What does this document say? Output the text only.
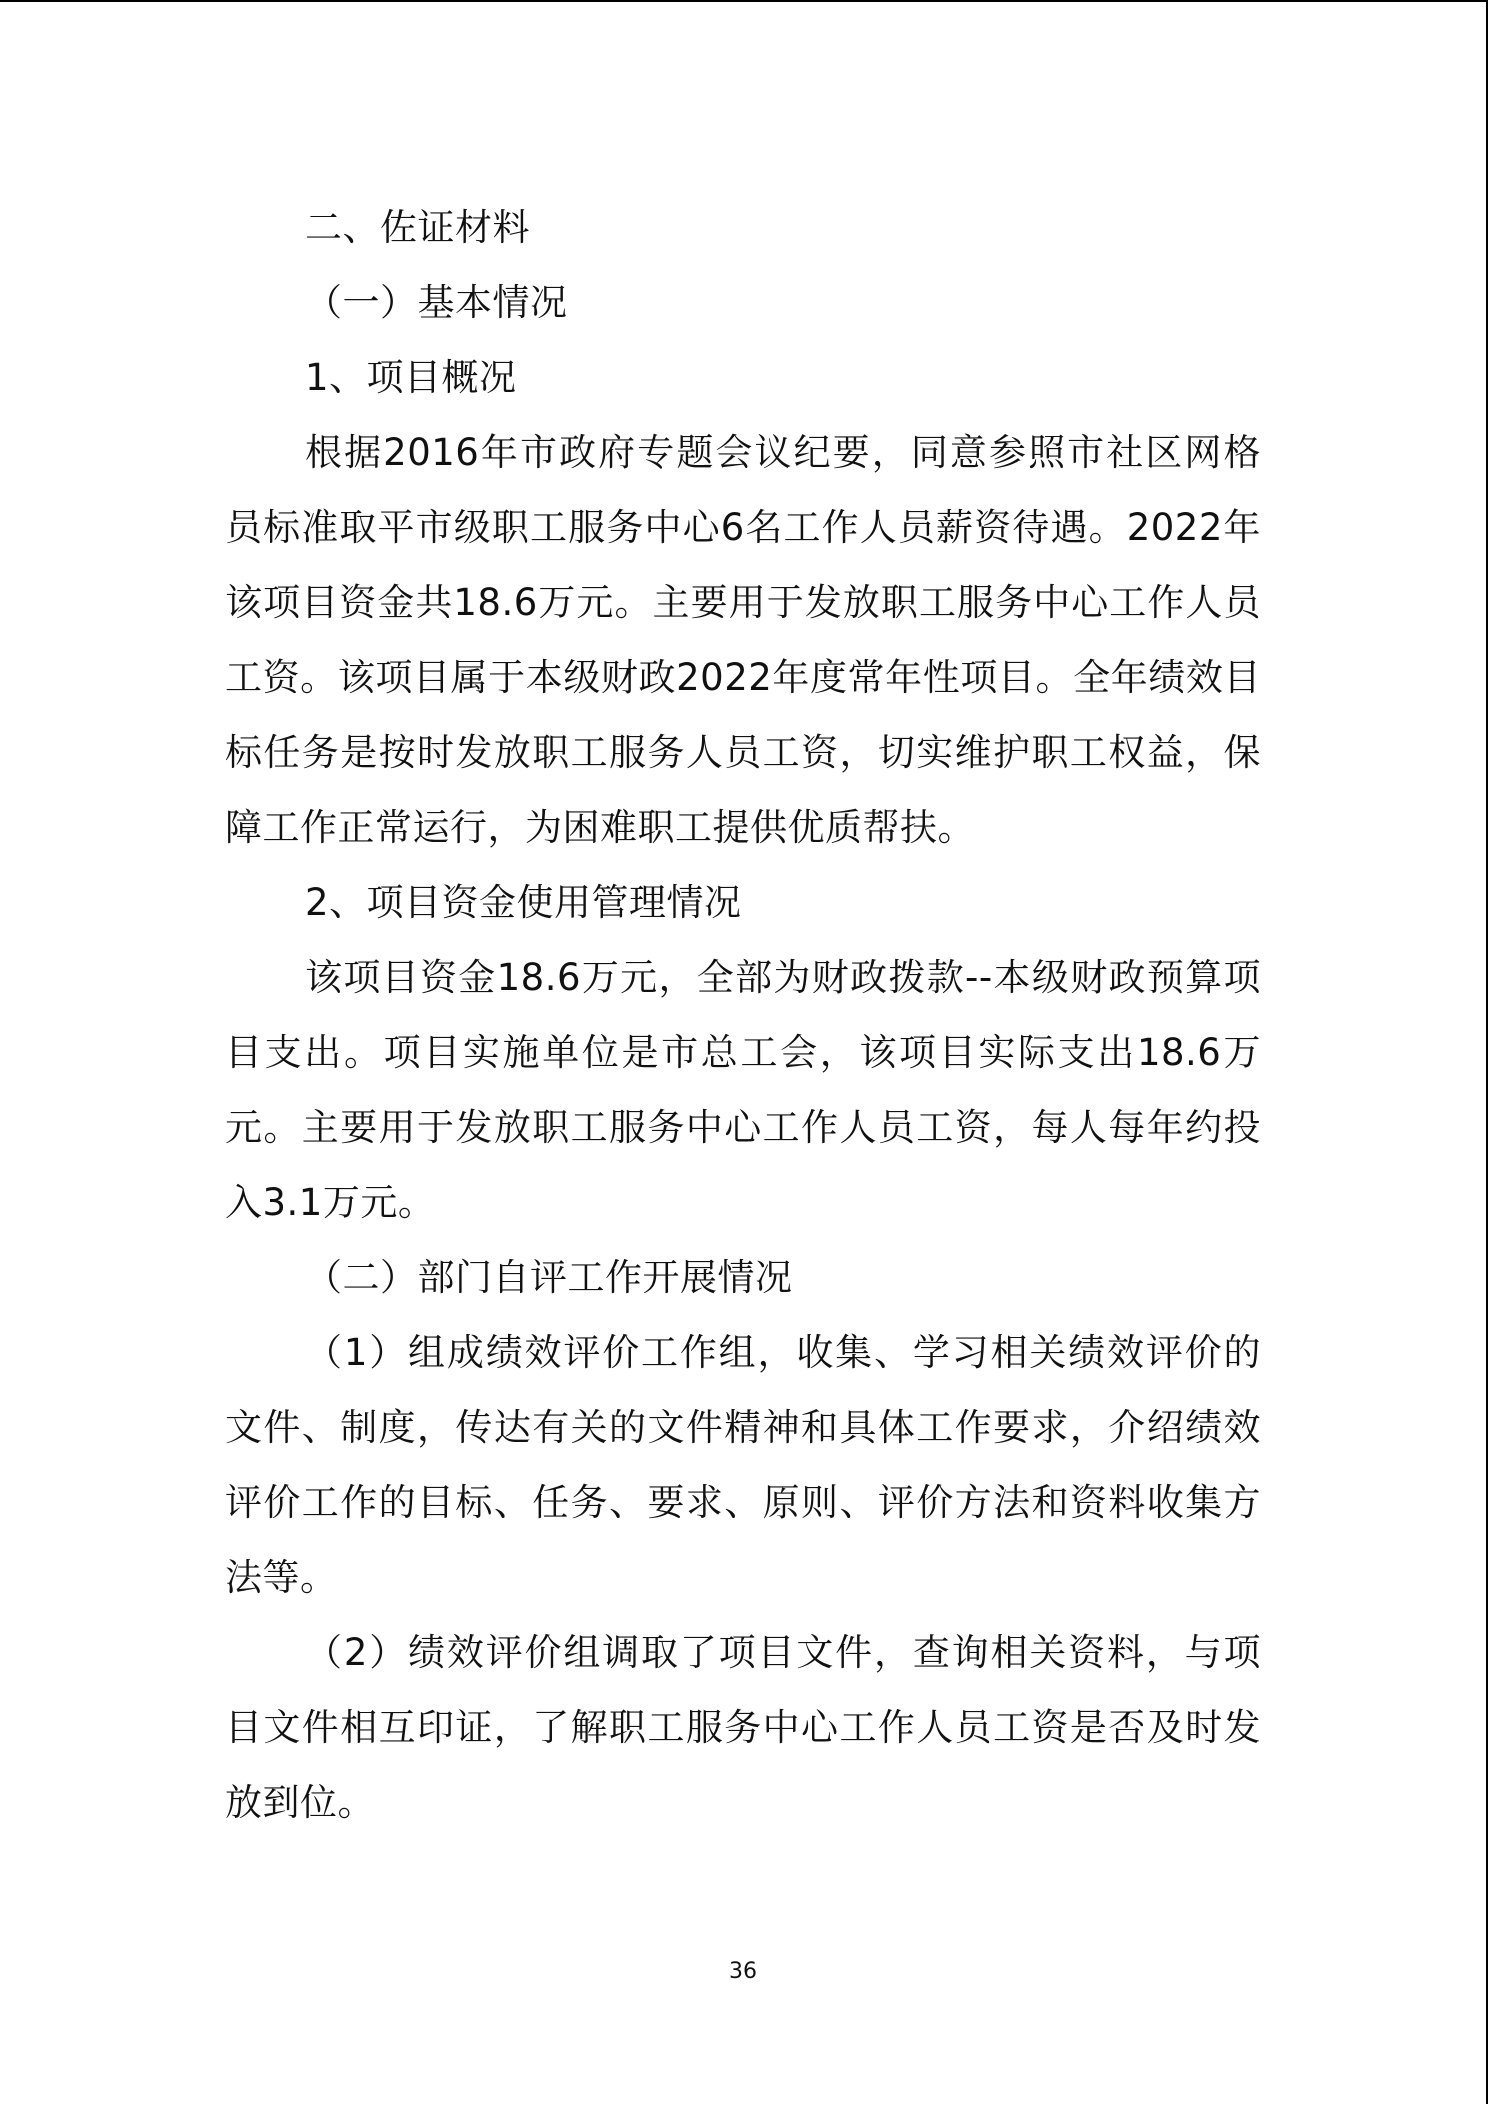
二、佐证材料

（一）基本情况

1、项目概况

根据2016年市政府专题会议纪要，同意参照市社区网格员标准取平市级职工服务中心6名工作人员薪资待遇。2022年该项目资金共18.6万元。主要用于发放职工服务中心工作人员工资。该项目属于本级财政2022年度常年性项目。全年绩效目标任务是按时发放职工服务人员工资，切实维护职工权益，保障工作正常运行，为困难职工提供优质帮扶。

2、项目资金使用管理情况

该项目资金18.6万元，全部为财政拨款--本级财政预算项目支出。项目实施单位是市总工会，该项目实际支出18.6万元。主要用于发放职工服务中心工作人员工资，每人每年约投入3.1万元。

（二）部门自评工作开展情况

（1）组成绩效评价工作组，收集、学习相关绩效评价的文件、制度，传达有关的文件精神和具体工作要求，介绍绩效评价工作的目标、任务、要求、原则、评价方法和资料收集方法等。

（2）绩效评价组调取了项目文件，查询相关资料，与项目文件相互印证，了解职工服务中心工作人员工资是否及时发放到位。

36
